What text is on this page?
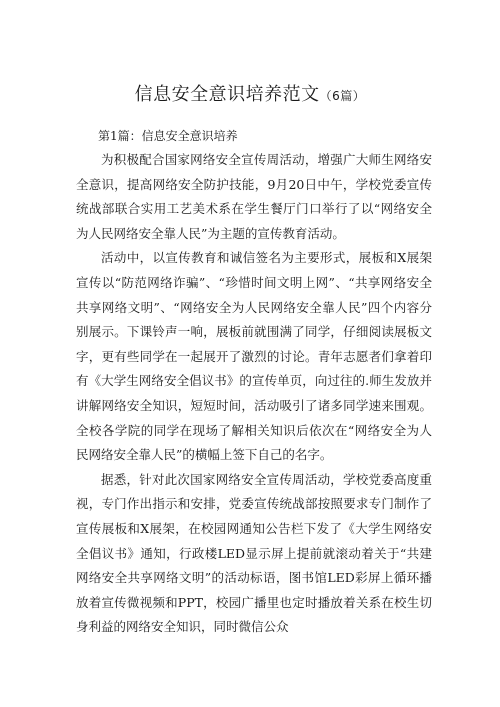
信息安全意识培养范文（6篇）
第1篇：信息安全意识培养

为积极配合国家网络安全宣传周活动，增强广大师生网络安全意识，提高网络安全防护技能，9月20日中午，学校党委宣传统战部联合实用工艺美术系在学生餐厅门口举行了以“网络安全为人民网络安全靠人民”为主题的宣传教育活动。

活动中，以宣传教育和诚信签名为主要形式，展板和X展架宣传以“防范网络诈骗”、“珍惜时间文明上网”、“共享网络安全共享网络文明”、“网络安全为人民网络安全靠人民”四个内容分别展示。下课铃声一响，展板前就围满了同学，仔细阅读展板文字，更有些同学在一起展开了激烈的讨论。青年志愿者们拿着印有《大学生网络安全倡议书》的宣传单页，向过往的.师生发放并讲解网络安全知识，短短时间，活动吸引了诸多同学速来围观。全校各学院的同学在现场了解相关知识后依次在“网络安全为人民网络安全靠人民”的横幅上签下自己的名字。

据悉，针对此次国家网络安全宣传周活动，学校党委高度重视，专门作出指示和安排，党委宣传统战部按照要求专门制作了宣传展板和X展架，在校园网通知公告栏下发了《大学生网络安全倡议书》通知，行政楼LED显示屏上提前就滚动着关于“共建网络安全共享网络文明”的活动标语，图书馆LED彩屏上循环播放着宣传微视频和PPT，校园广播里也定时播放着关系在校生切身利益的网络安全知识，同时微信公众
